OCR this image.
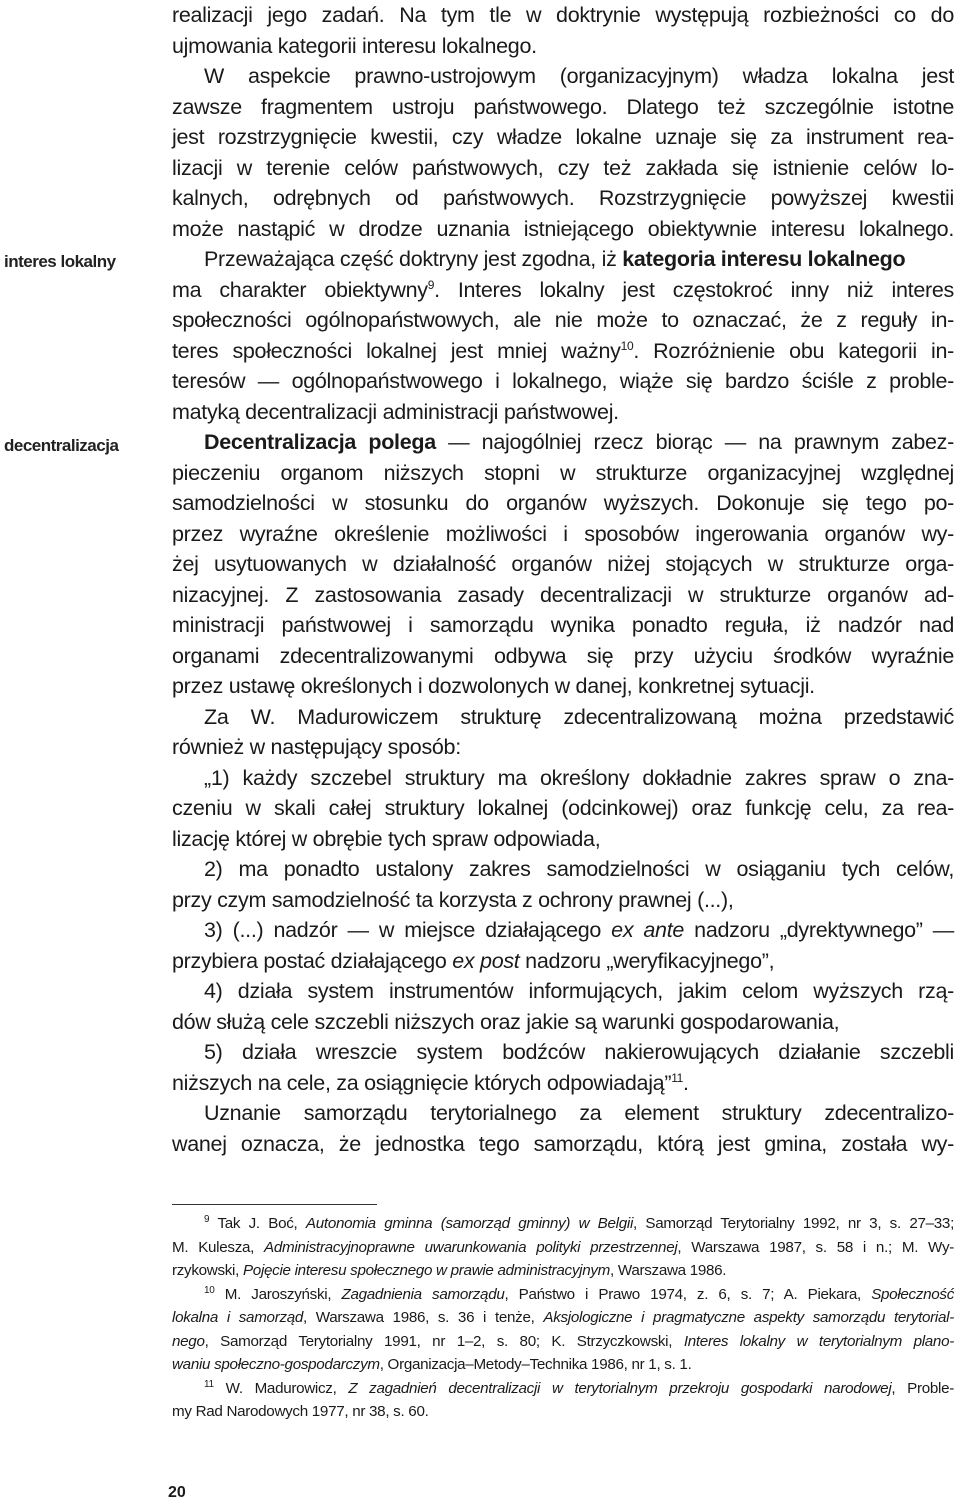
interes lokalny
decentralizacja
realizacji jego zadań. Na tym tle w doktrynie występują rozbieżności co do
ujmowania kategorii interesu lokalnego.
W aspekcie prawno-ustrojowym (organizacyjnym) władza lokalna jest
zawsze fragmentem ustroju państwowego. Dlatego też szczególnie istotne
jest rozstrzygnięcie kwestii, czy władze lokalne uznaje się za instrument rea-
lizacji w terenie celów państwowych, czy też zakłada się istnienie celów lo-
kalnych, odrębnych od państwowych. Rozstrzygnięcie powyższej kwestii
może nastąpić w drodze uznania istniejącego obiektywnie interesu lokalnego.
Przeważająca część doktryny jest zgodna, iż kategoria interesu lokalnego
ma charakter obiektywny$^9$. Interes lokalny jest częstokroć inny niż interes
społeczności ogólnopaństwowych, ale nie może to oznaczać, że z reguły in-
teres społeczności lokalnej jest mniej ważny$^{10}$. Rozróżnienie obu kategorii in-
teresów — ogólnopaństwowego i lokalnego, wiąże się bardzo ściśle z proble-
matyką decentralizacji administracji państwowej.
Decentralizacja polega — najogólniej rzecz biorąc — na prawnym zabez-
pieczeniu organom niższych stopni w strukturze organizacyjnej względnej
samodzielności w stosunku do organów wyższych. Dokonuje się tego po-
przez wyraźne określenie możliwości i sposobów ingerowania organów wy-
żej usytuowanych w działalność organów niżej stojących w strukturze orga-
nizacyjnej. Z zastosowania zasady decentralizacji w strukturze organów ad-
ministracji państwowej i samorządu wynika ponadto reguła, iż nadzór nad
organami zdecentralizowanymi odbywa się przy użyciu środków wyraźnie
przez ustawę określonych i dozwolonych w danej, konkretnej sytuacji.
Za W. Madurowiczem strukturę zdecentralizowaną można przedstawić
również w następujący sposób:
„1) każdy szczebel struktury ma określony dokładnie zakres spraw o zna-
czeniu w skali całej struktury lokalnej (odcinkowej) oraz funkcję celu, za rea-
lizację której w obrębie tych spraw odpowiada,
2) ma ponadto ustalony zakres samodzielności w osiąganiu tych celów,
przy czym samodzielność ta korzysta z ochrony prawnej (...),
3) (...) nadzór — w miejsce działającego ex ante nadzoru „dyrektywnego” —
przybiera postać działającego ex post nadzoru „weryfikacyjnego”,
4) działa system instrumentów informujących, jakim celom wyższych rzą-
dów służą cele szczebli niższych oraz jakie są warunki gospodarowania,
5) działa wreszcie system bodźców nakierowujących działanie szczebli
niższych na cele, za osiągnięcie których odpowiadają”$^{11}$.
Uznanie samorządu terytorialnego za element struktury zdecentralizo-
wanej oznacza, że jednostka tego samorządu, którą jest gmina, została wy-
$^9$ Tak J. Boć, Autonomia gminna (samorząd gminny) w Belgii, Samorząd Terytorialny 1992, nr 3, s. 27–33;
M. Kulesza, Administracyjnoprawne uwarunkowania polityki przestrzennej, Warszawa 1987, s. 58 i n.; M. Wy-
rzykowski, Pojęcie interesu społecznego w prawie administracyjnym, Warszawa 1986.
$^{10}$ M. Jaroszyński, Zagadnienia samorządu, Państwo i Prawo 1974, z. 6, s. 7; A. Piekara, Społeczność
lokalna i samorząd, Warszawa 1986, s. 36 i tenże, Aksjologiczne i pragmatyczne aspekty samorządu terytorial-
nego, Samorząd Terytorialny 1991, nr 1–2, s. 80; K. Strzyczkowski, Interes lokalny w terytorialnym plano-
waniu społeczno-gospodarczym, Organizacja–Metody–Technika 1986, nr 1, s. 1.
$^{11}$ W. Madurowicz, Z zagadnień decentralizacji w terytorialnym przekroju gospodarki narodowej, Proble-
my Rad Narodowych 1977, nr 38, s. 60.
20
